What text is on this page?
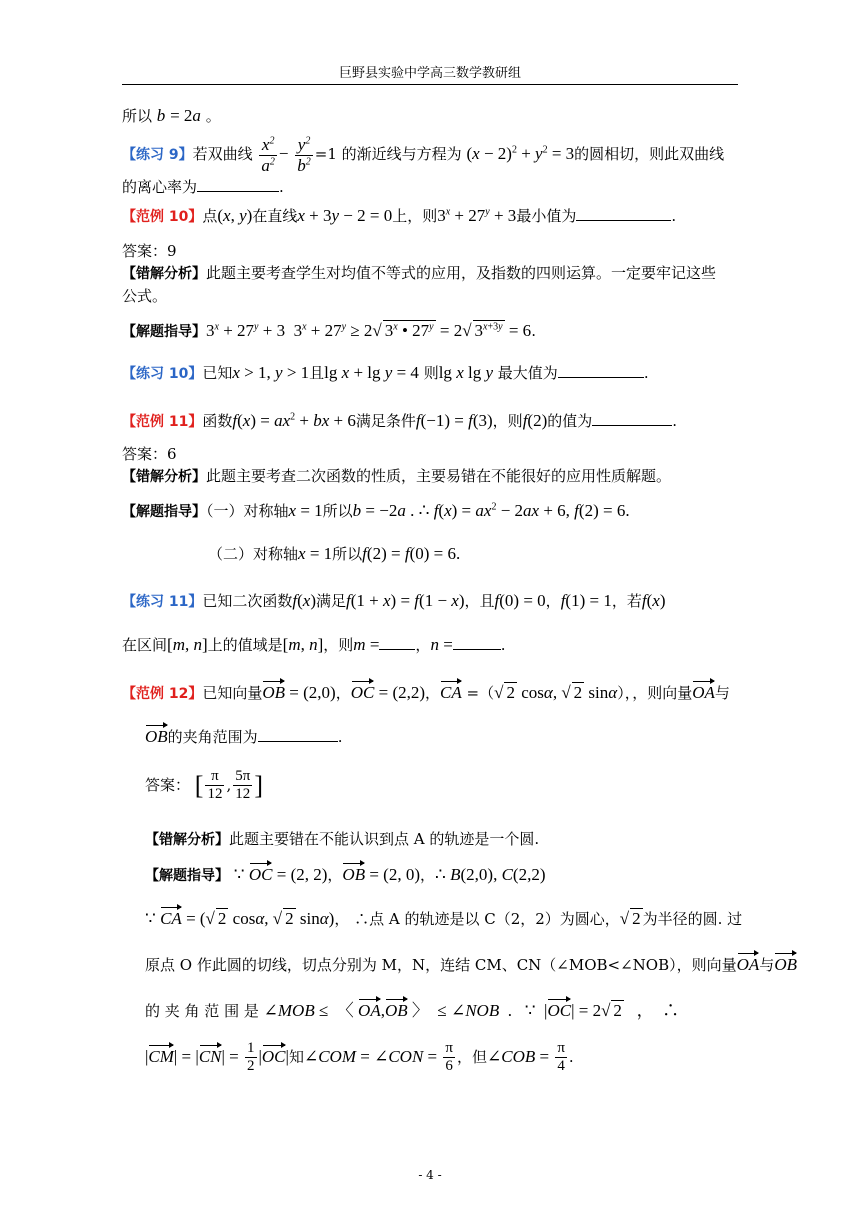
巨野县实验中学高三数学教研组
所以 b = 2a 。
【练习 9】若双曲线 $\frac{x^2}{a^2} - \frac{y^2}{b^2} =1$ 的渐近线与方程为 $(x - 2)^2 + y^2 = 3$的圆相切，则此双曲线
的离心率为	.
【范例 10】点(x, y)在直线x + 3y − 2 = 0上，则$3^x + 27^y + 3$最小值为	.
答案：9
【错解分析】此题主要考查学生对均值不等式的应用，及指数的四则运算。一定要牢记这些
公式。
【解题指导】$3^x + 27^y + 3$  $3^x + 27^y \ge 2√$ 3$^x$ • $27^y = 2√$ $3^{x+3y} = 6$.
【练习 10】已知x > 1, y > 1且lg x + lg y = 4 则lg x lg y 最大值为	.
【范例 11】函数$f(x) = ax^2$ + bx + 6满足条件f(−1) = f(3)，则f(2)的值为	.
答案：6
【错解分析】此题主要考查二次函数的性质，主要易错在不能很好的应用性质解题。
【解题指导】（一）对称轴x = 1所以b = −2a . ∴ $f(x) = ax^2 - 2ax + 6$, f(2) = 6.
（二）对称轴x = 1所以f(2) = f(0) = 6.
【练习 11】已知二次函数f(x)满足f(1 + x) = f(1 − x)，且f(0) = 0，f(1) = 1，若f(x)
在区间[m, n]上的值域是[m, n]，则m = ，n =	.
【范例 12】已知向量OB = (2,0)，OC = (2,2)，CA =（√ 2 cosα, √ 2 sinα），，则向量OA与
OB的夹角范围为	.
答案： [ $\frac{\pi}{12}$ , $\frac{5\pi}{12}$ ]
【错解分析】此题主要错在不能认识到点 A 的轨迹是一个圆.
【解题指导】 ∵ OC = (2, 2)，OB = (2, 0)，∴ B(2,0), C(2,2)
∵ CA = (√ 2 cosα, √ 2 sinα)， ∴点 A 的轨迹是以 C（2，2）为圆心，√ 2 为半径的圆. 过
原点 O 作此圆的切线，切点分别为 M，N，连结 CM、CN（∠MOB<∠NOB），则向量OA与OB
的 夹 角 范 围 是 ∠MOB ≤  〈 OA,OB 〉  ≤ ∠NOB  .   ∵  |OC| = 2√ 2   ，  ∴
$|CM| = |CN| = \frac{1}{2} |OC|$知∠COM = ∠CON = $\frac{\pi}{6}$ ，但∠COB = $\frac{\pi}{4}$ .
- 4 -
